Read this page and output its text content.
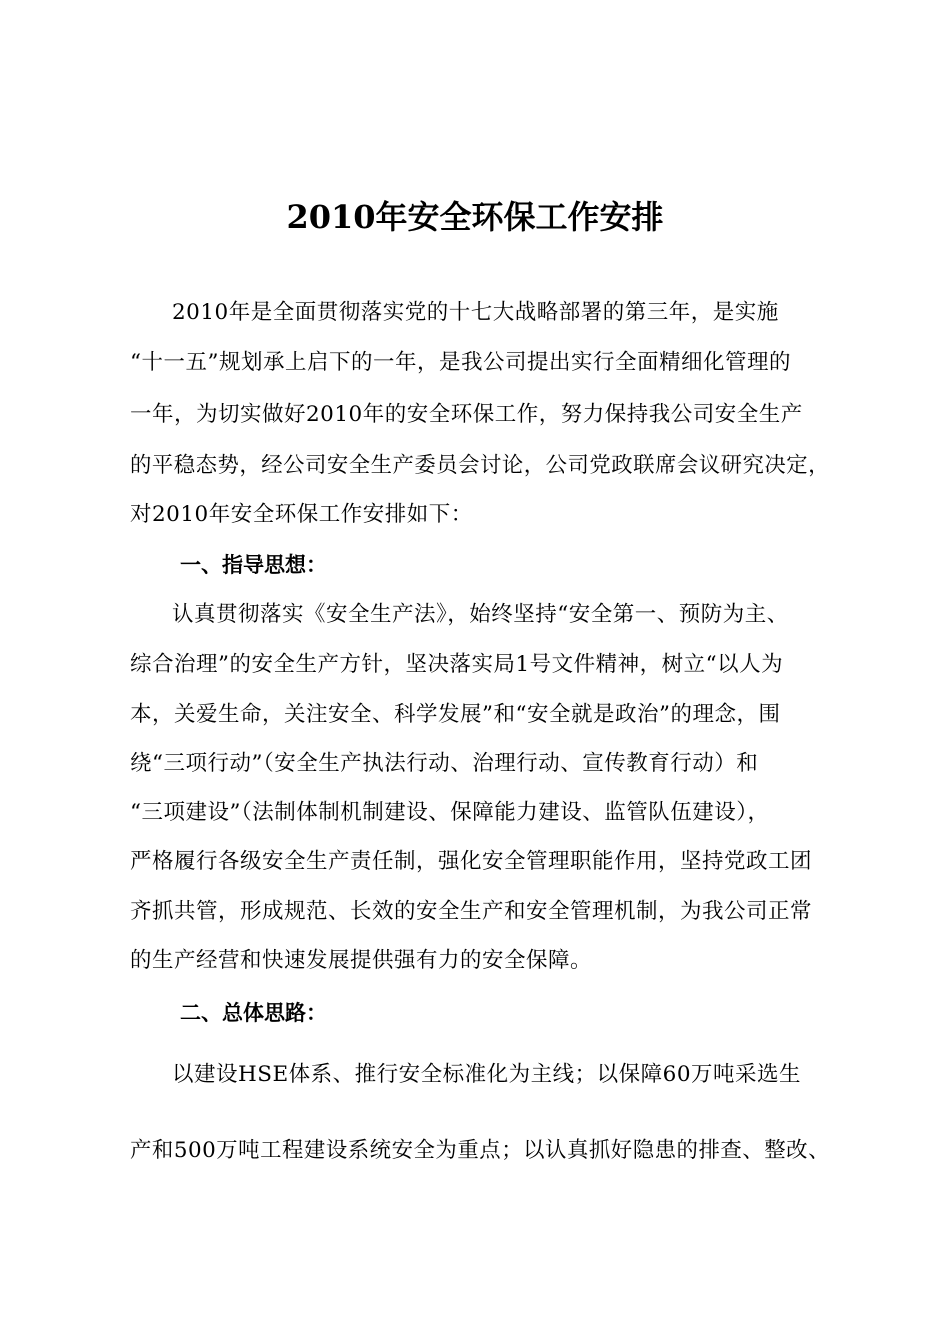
2010年安全环保工作安排
2010年是全面贯彻落实党的十七大战略部署的第三年，是实施
“十一五”规划承上启下的一年，是我公司提出实行全面精细化管理的
一年，为切实做好2010年的安全环保工作，努力保持我公司安全生产
的平稳态势，经公司安全生产委员会讨论，公司党政联席会议研究决定，
对2010年安全环保工作安排如下：
一、指导思想：
认真贯彻落实《安全生产法》，始终坚持“安全第一、预防为主、
综合治理”的安全生产方针，坚决落实局1号文件精神，树立“以人为
本，关爱生命，关注安全、科学发展”和“安全就是政治”的理念，围
绕“三项行动”（安全生产执法行动、治理行动、宣传教育行动）和
“三项建设”（法制体制机制建设、保障能力建设、监管队伍建设），
严格履行各级安全生产责任制，强化安全管理职能作用，坚持党政工团
齐抓共管，形成规范、长效的安全生产和安全管理机制，为我公司正常
的生产经营和快速发展提供强有力的安全保障。
二、总体思路：
以建设HSE体系、推行安全标准化为主线；以保障60万吨采选生
产和500万吨工程建设系统安全为重点；以认真抓好隐患的排查、整改、
